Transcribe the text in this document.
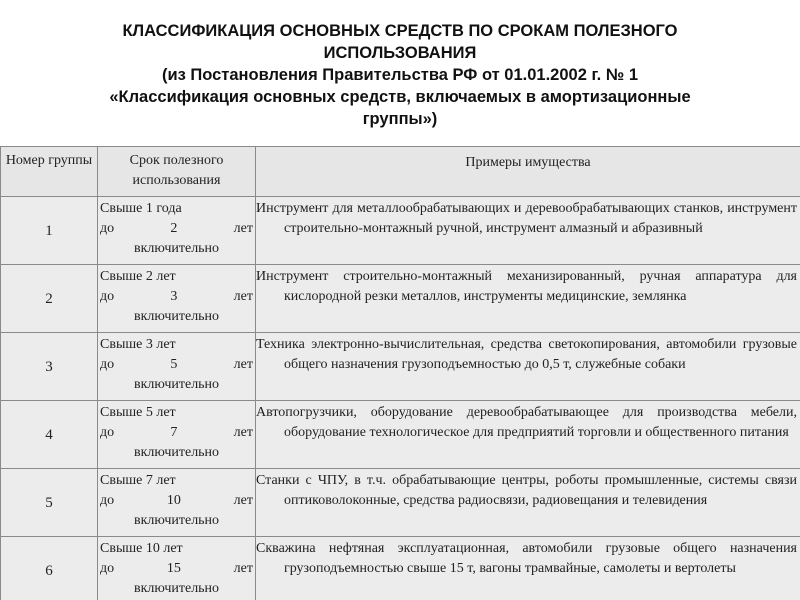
КЛАССИФИКАЦИЯ ОСНОВНЫХ СРЕДСТВ ПО СРОКАМ ПОЛЕЗНОГО
ИСПОЛЬЗОВАНИЯ
(из Постановления Правительства РФ от 01.01.2002 г. № 1
«Классификация основных средств, включаемых в амортизационные
группы»)
Номер группы	Срок полезного использования	Примеры имущества
1	Свыше 1 года
до 2 лет
включительно	Инструмент для металлообрабатывающих и деревообрабатывающих станков, инструмент строительно-монтажный ручной, инструмент алмазный и абразивный
2	Свыше 2 лет
до 3 лет
включительно	Инструмент строительно-монтажный механизированный, ручная аппаратура для кислородной резки металлов, инструменты медицинские, землянка
3	Свыше 3 лет
до 5 лет
включительно	Техника электронно-вычислительная, средства светокопирования, автомобили грузовые общего назначения грузоподъемностью до 0,5 т, служебные собаки
4	Свыше 5 лет
до 7 лет
включительно	Автопогрузчики, оборудование деревообрабатывающее для производства мебели, оборудование технологическое для предприятий торговли и общественного питания
5	Свыше 7 лет
до 10 лет
включительно	Станки с ЧПУ, в т.ч. обрабатывающие центры, роботы промышленные, системы связи оптиковолоконные, средства радиосвязи, радиовещания и телевидения
6	Свыше 10 лет
до 15 лет
включительно	Скважина нефтяная эксплуатационная, автомобили грузовые общего назначения грузоподъемностью свыше 15 т, вагоны трамвайные, самолеты и вертолеты
